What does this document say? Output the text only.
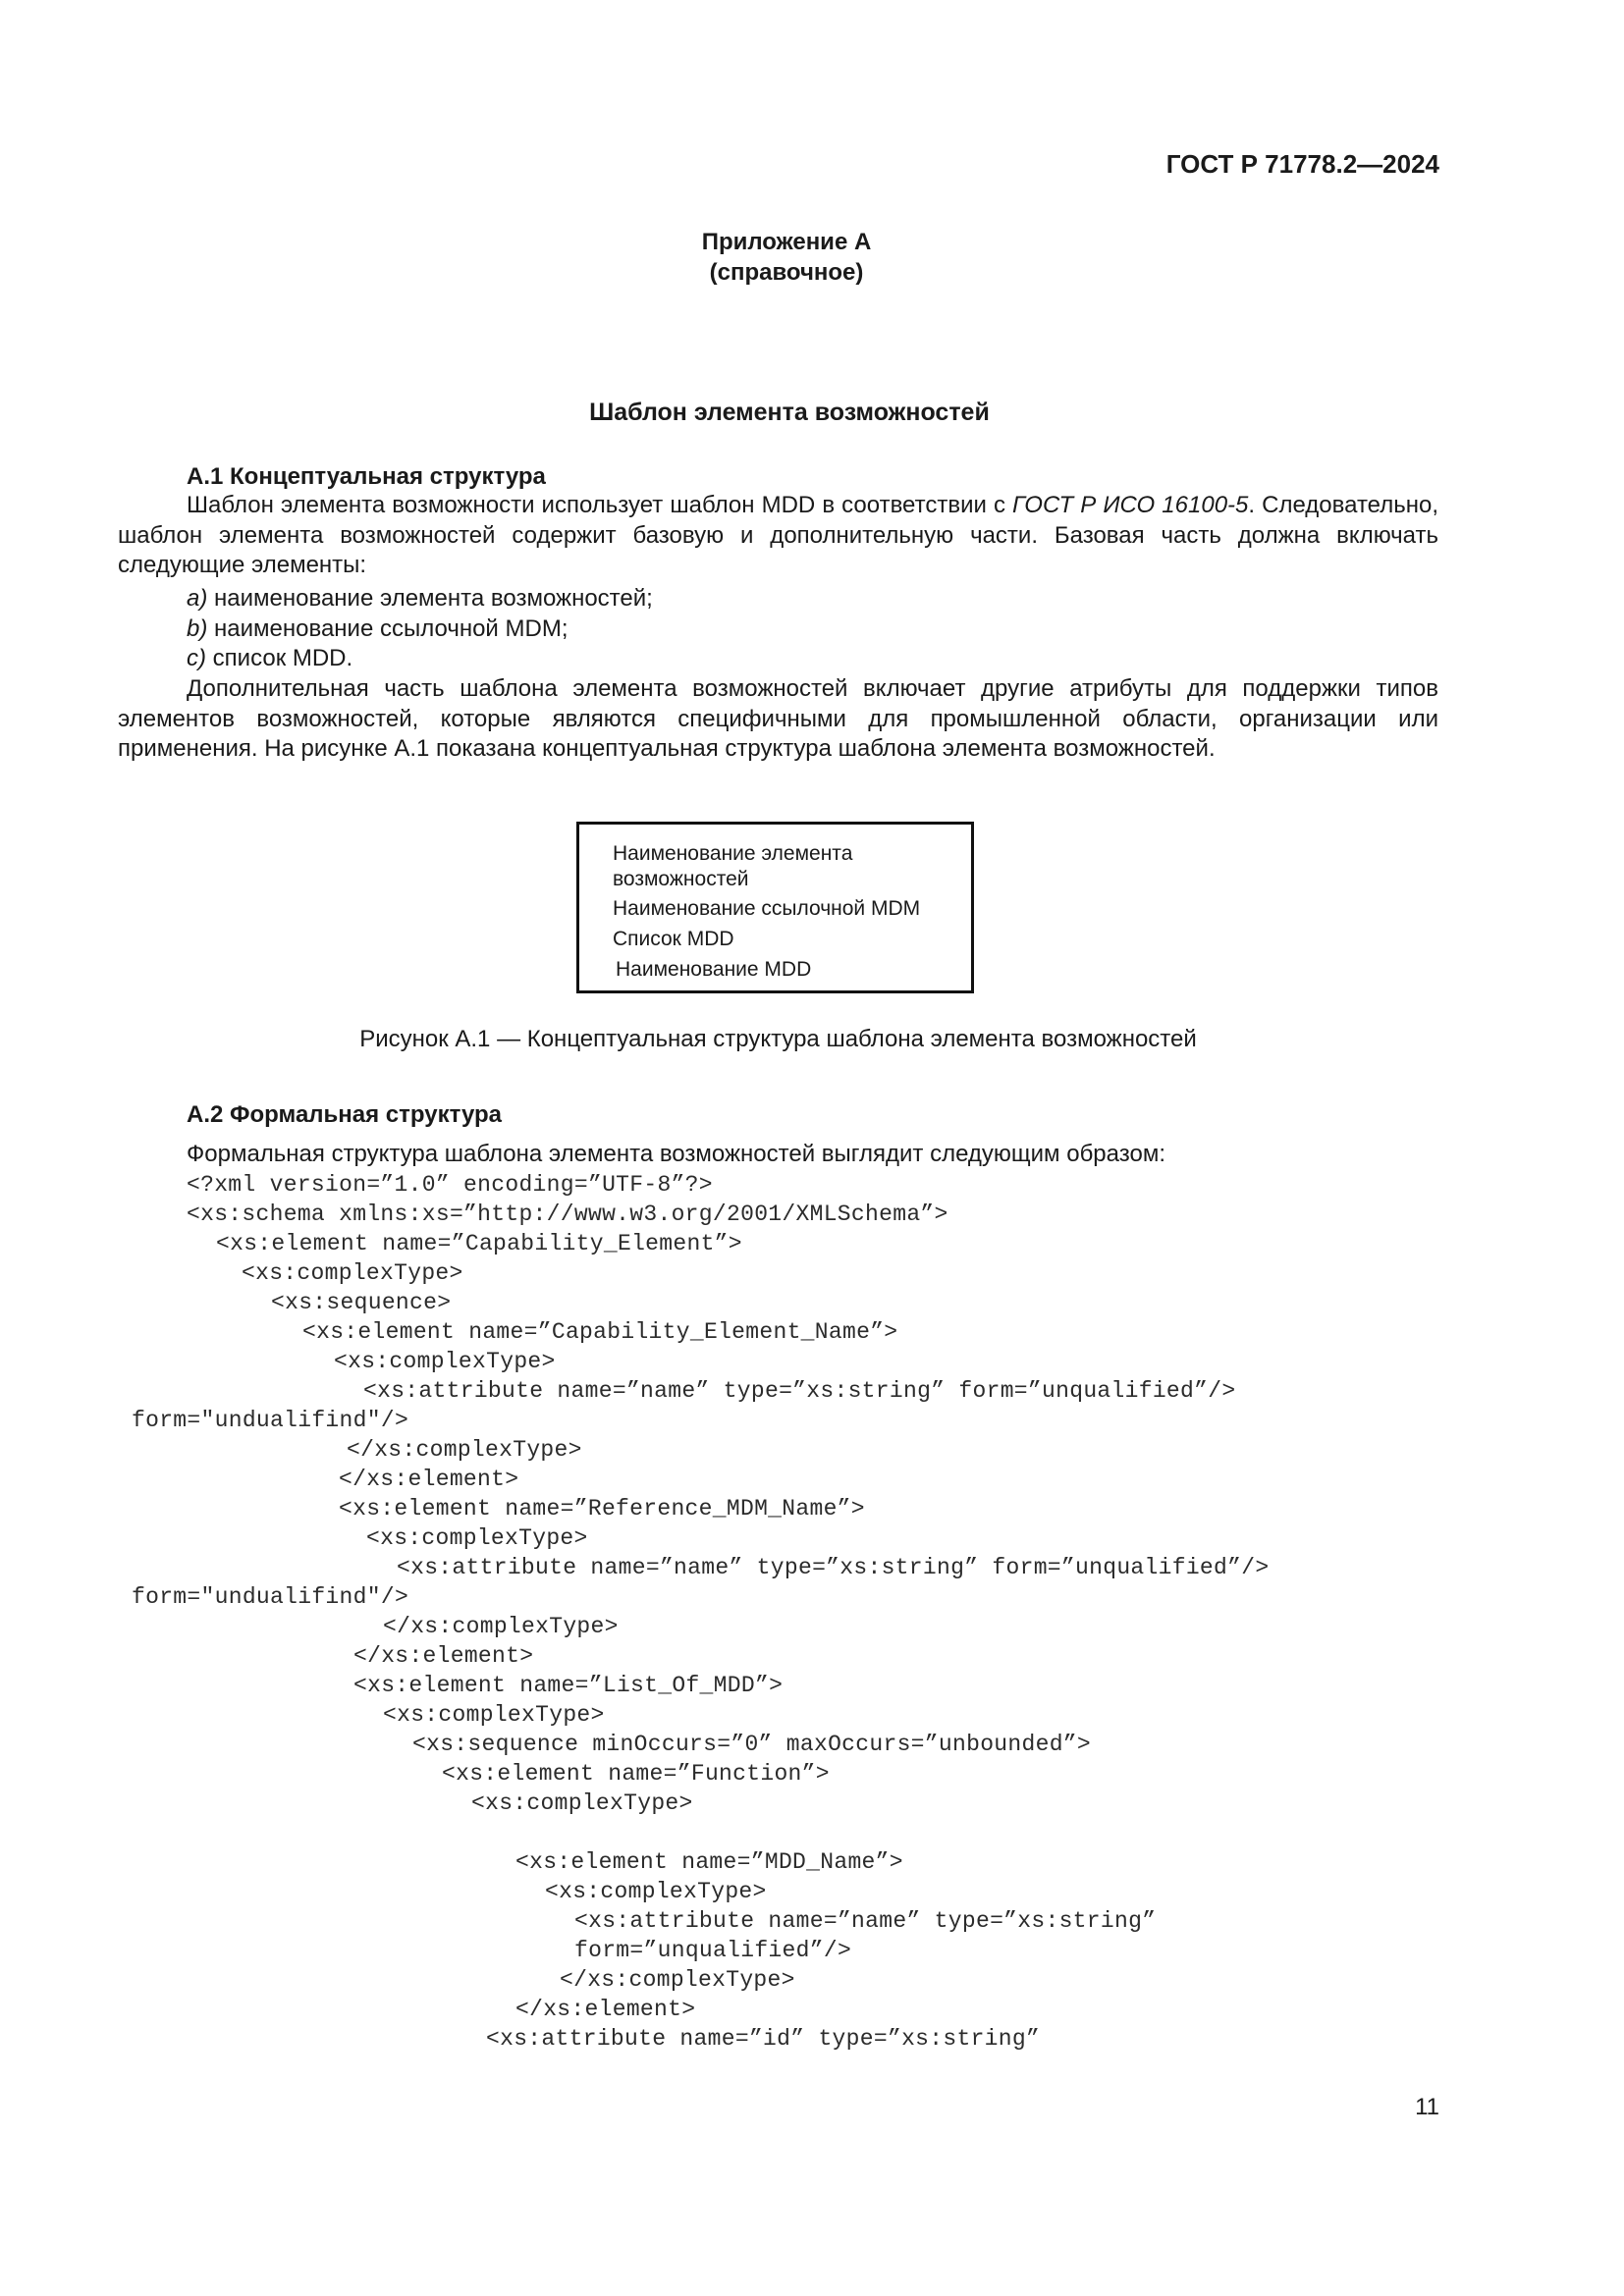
ГОСТ Р 71778.2—2024
Приложение А
(справочное)
Шаблон элемента возможностей
А.1 Концептуальная структура
Шаблон элемента возможности использует шаблон MDD в соответствии с ГОСТ Р ИСО 16100-5. Следовательно, шаблон элемента возможностей содержит базовую и дополнительную части. Базовая часть должна включать следующие элементы:
а) наименование элемента возможностей;
b) наименование ссылочной MDM;
с) список MDD.
Дополнительная часть шаблона элемента возможностей включает другие атрибуты для поддержки типов элементов возможностей, которые являются специфичными для промышленной области, организации или применения. На рисунке А.1 показана концептуальная структура шаблона элемента возможностей.
Наименование элемента
возможностей
Наименование ссылочной MDM
Список MDD
Наименование MDD
Рисунок А.1 — Концептуальная структура шаблона элемента возможностей
А.2 Формальная структура
Формальная структура шаблона элемента возможностей выглядит следующим образом:
<?xml version=”1.0” encoding=”UTF-8”?>
<xs:schema xmlns:xs=”http://www.w3.org/2001/XMLSchema”>
<xs:element name=”Capability_Element”>
<xs:complexType>
<xs:sequence>
<xs:element name=”Capability_Element_Name”>
<xs:complexType>
<xs:attribute name=”name” type=”xs:string” form=”unqualified”/>
form="undualifind"/>
</xs:complexType>
</xs:element>
<xs:element name=”Reference_MDM_Name”>
<xs:complexType>
<xs:attribute name=”name” type=”xs:string” form=”unqualified”/>
form="undualifind"/>
</xs:complexType>
</xs:element>
<xs:element name=”List_Of_MDD”>
<xs:complexType>
<xs:sequence minOccurs=”0” maxOccurs=”unbounded”>
<xs:element name=”Function”>
<xs:complexType>
<xs:element name=”MDD_Name”>
<xs:complexType>
<xs:attribute name=”name” type=”xs:string”
form=”unqualified”/>
</xs:complexType>
</xs:element>
<xs:attribute name=”id” type=”xs:string”
11
